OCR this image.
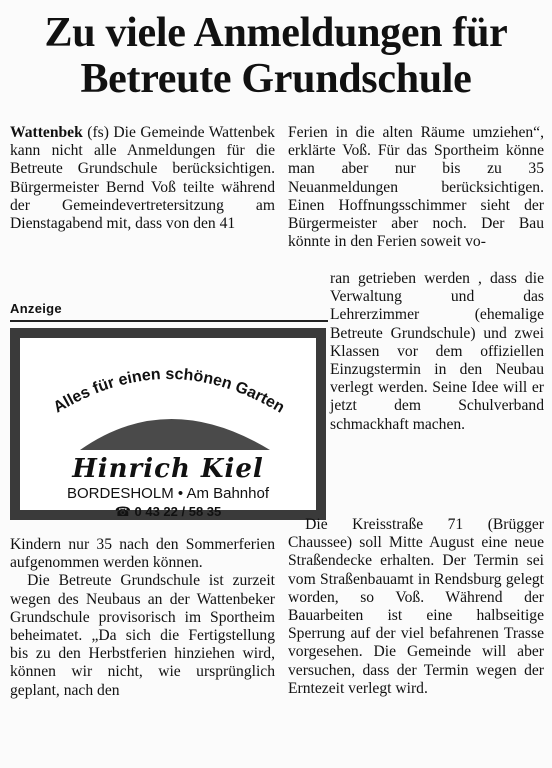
Zu viele Anmeldungen für
Betreute Grundschule

Wattenbek (fs) Die Gemeinde Wattenbek kann nicht alle Anmeldungen für die Betreute Grundschule berücksichtigen. Bürgermeister Bernd Voß teilte während der Gemeindevertretersitzung am Dienstagabend mit, dass von den 41

Anzeige
Alles für einen schönen Garten
Hinrich Kiel
BORDESHOLM • Am Bahnhof
☎ 0 43 22 / 58 35

Kindern nur 35 nach den Sommerferien aufgenommen werden können.

Die Betreute Grundschule ist zurzeit wegen des Neubaus an der Wattenbeker Grundschule provisorisch im Sportheim beheimatet. „Da sich die Fertigstellung bis zu den Herbstferien hinziehen wird, können wir nicht, wie ursprünglich geplant, nach den

Ferien in die alten Räume umziehen“, erklärte Voß. Für das Sportheim könne man aber nur bis zu 35 Neuanmeldungen berücksichtigen. Einen Hoffnungsschimmer sieht der Bürgermeister aber noch. Der Bau könnte in den Ferien soweit vo-

ran getrieben werden , dass die Verwaltung und das Lehrerzimmer (ehemalige Betreute Grundschule) und zwei Klassen vor dem offiziellen Einzugstermin in den Neubau verlegt werden. Seine Idee will er jetzt dem Schulverband schmackhaft machen.

Die Kreisstraße 71 (Brügger Chaussee) soll Mitte August eine neue Straßendecke erhalten. Der Termin sei vom Straßenbauamt in Rendsburg gelegt worden, so Voß. Während der Bauarbeiten ist eine halbseitige Sperrung auf der viel befahrenen Trasse vorgesehen. Die Gemeinde will aber versuchen, dass der Termin wegen der Erntezeit verlegt wird.
